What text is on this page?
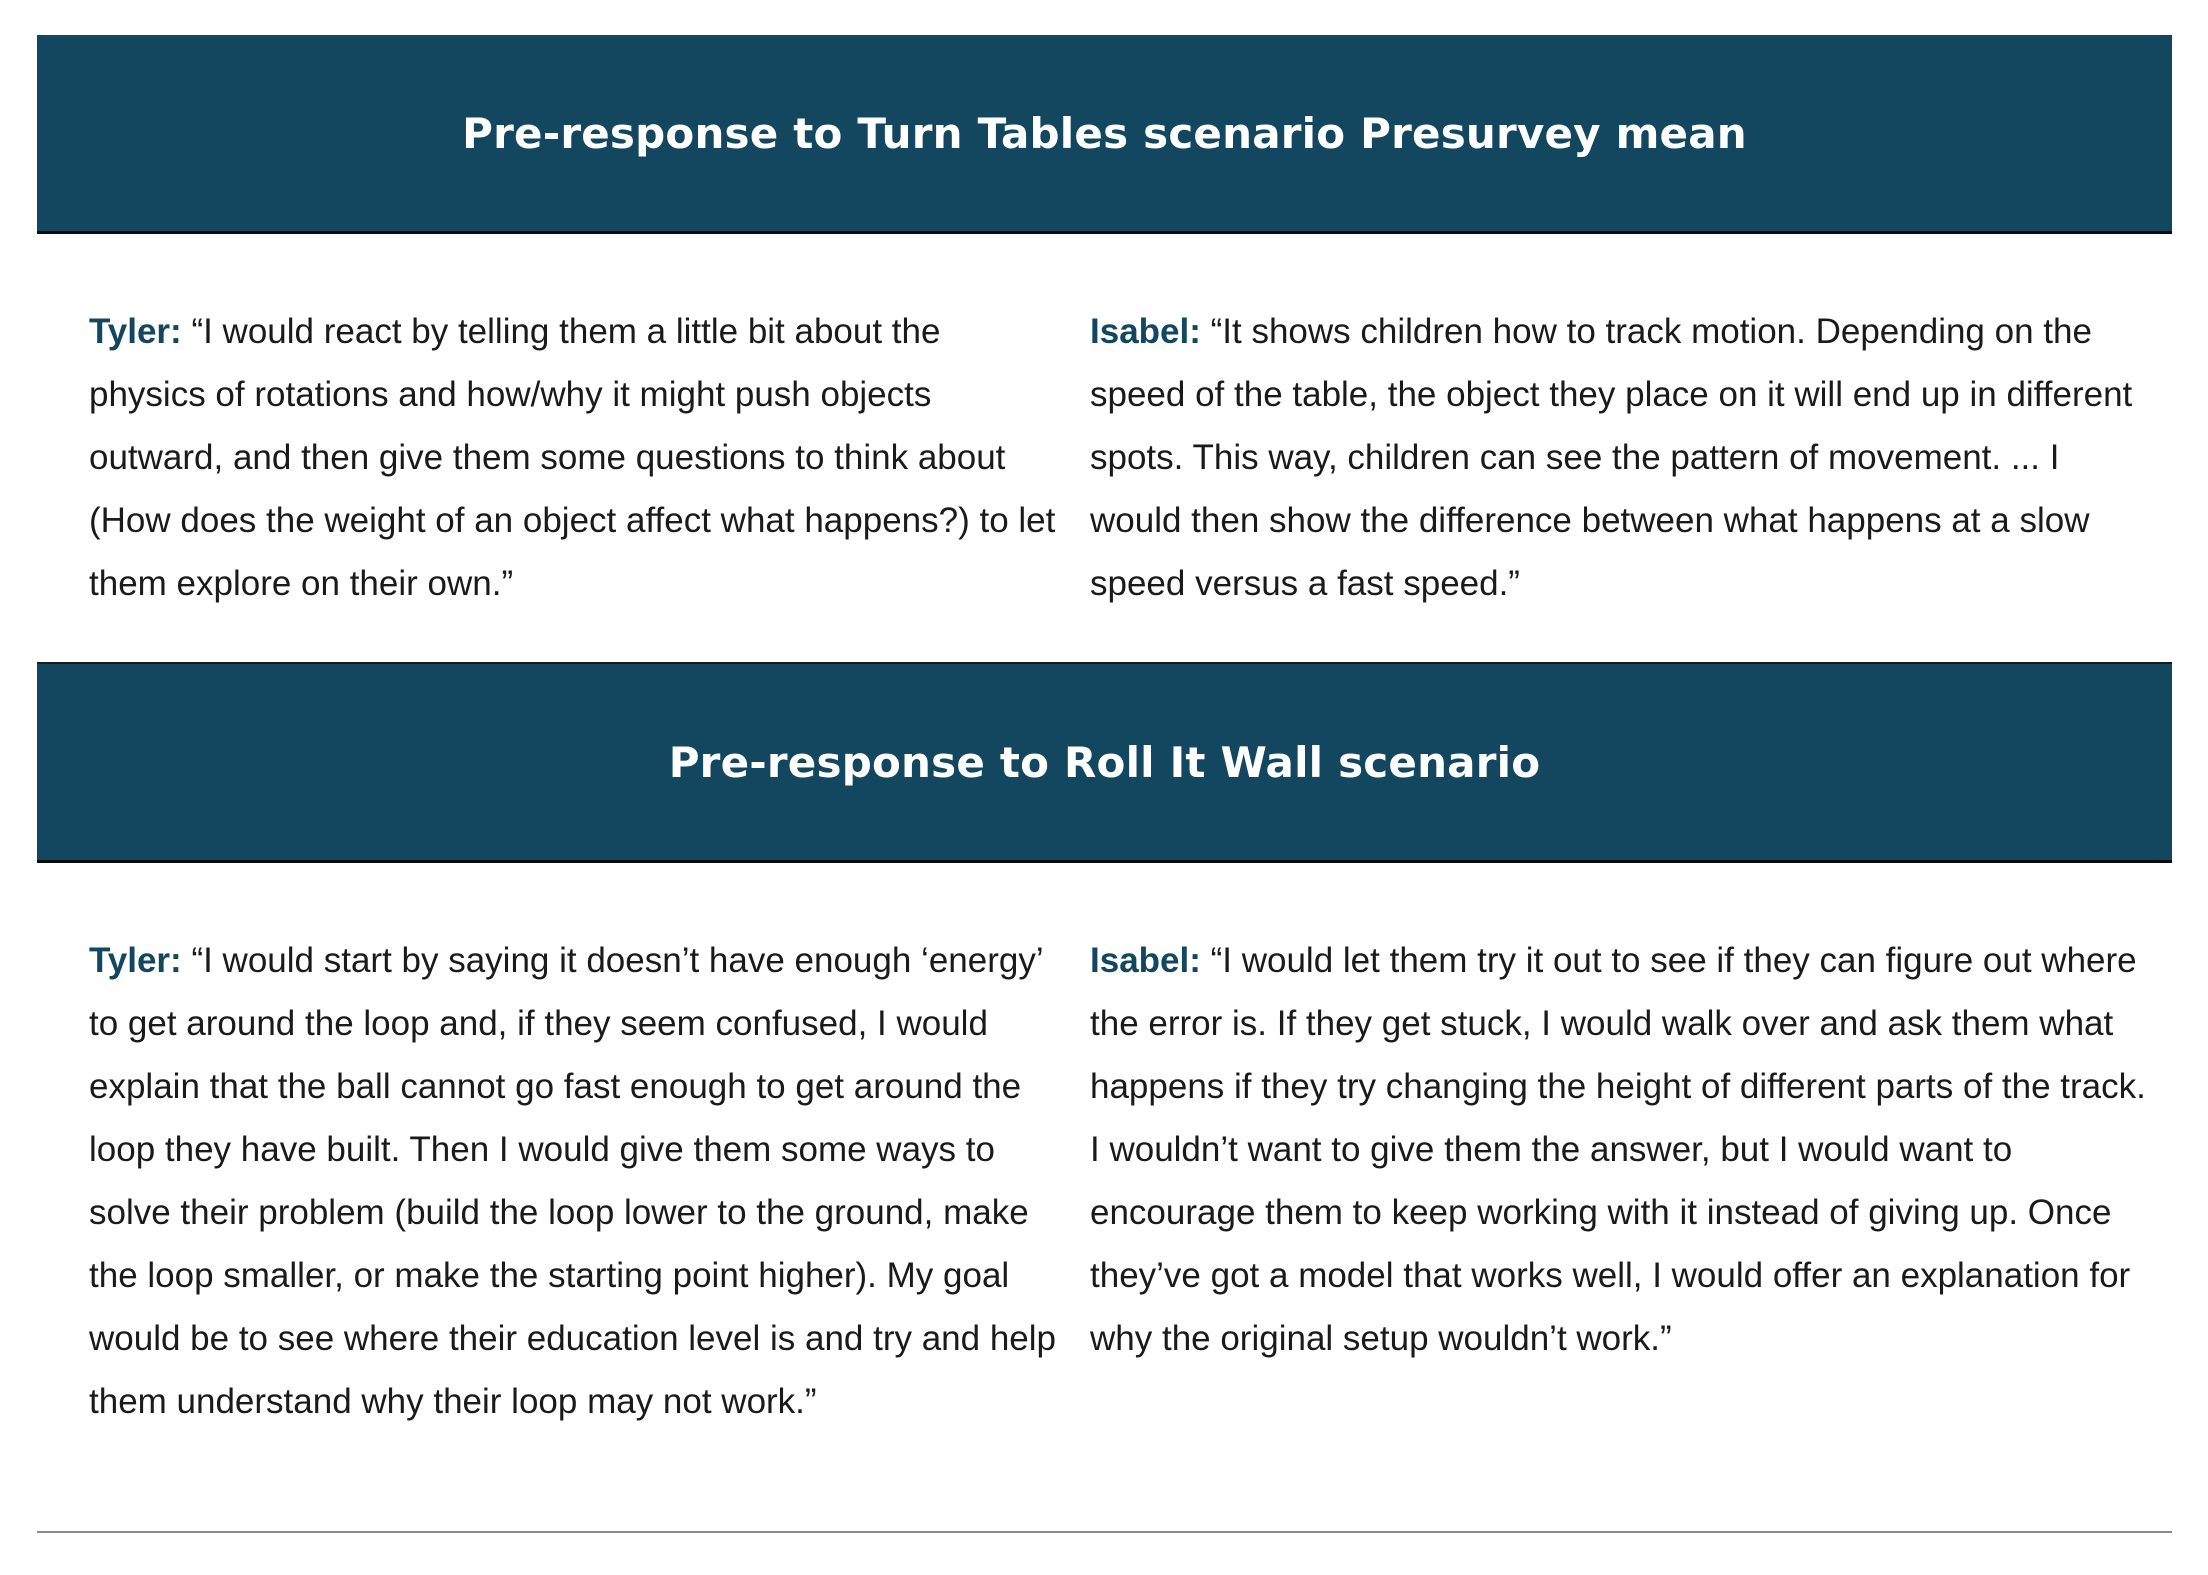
Pre-response to Turn Tables scenario Presurvey mean

Tyler: “I would react by telling them a little bit about the physics of rotations and how/why it might push objects outward, and then give them some questions to think about (How does the weight of an object affect what happens?) to let them explore on their own.”

Isabel: “It shows children how to track motion. Depending on the speed of the table, the object they place on it will end up in different spots. This way, children can see the pattern of movement. ... I would then show the difference between what happens at a slow speed versus a fast speed.”

Pre-response to Roll It Wall scenario

Tyler: “I would start by saying it doesn’t have enough ‘energy’ to get around the loop and, if they seem confused, I would explain that the ball cannot go fast enough to get around the loop they have built. Then I would give them some ways to solve their problem (build the loop lower to the ground, make the loop smaller, or make the starting point higher). My goal would be to see where their education level is and try and help them understand why their loop may not work.”

Isabel: “I would let them try it out to see if they can figure out where the error is. If they get stuck, I would walk over and ask them what happens if they try changing the height of different parts of the track. I wouldn’t want to give them the answer, but I would want to encourage them to keep working with it instead of giving up. Once they’ve got a model that works well, I would offer an explanation for why the original setup wouldn’t work.”
